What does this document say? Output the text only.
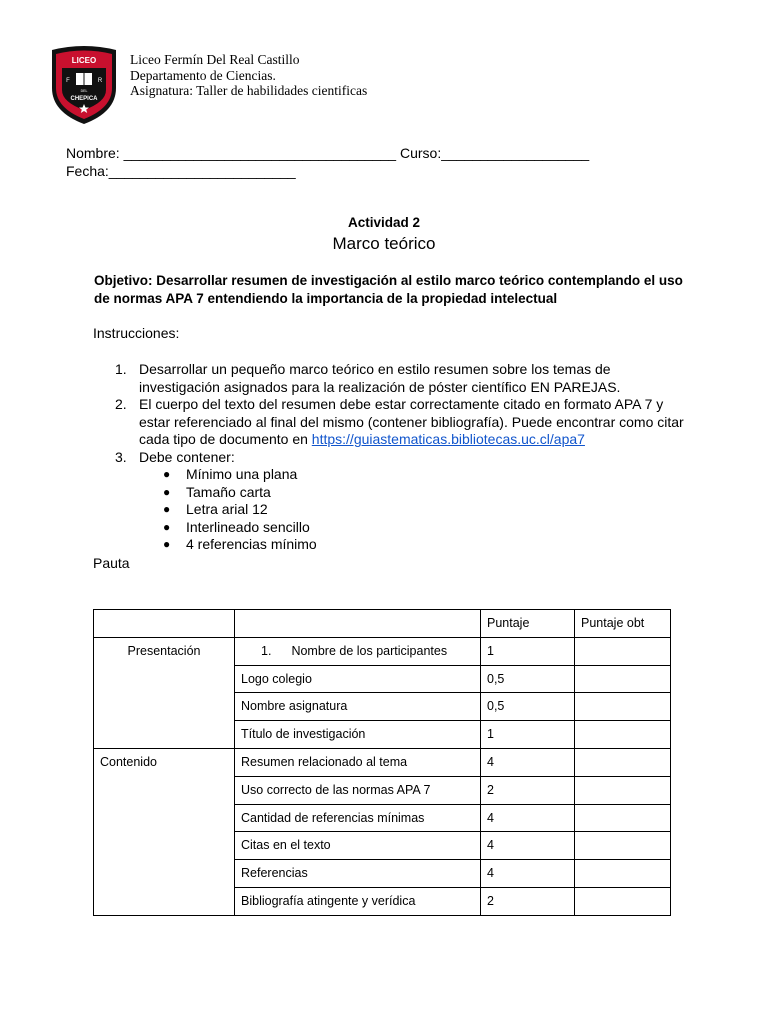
LICEO
F	R
DEL
CHEPICA
Liceo Fermín Del Real Castillo
Departamento de Ciencias.
Asignatura: Taller de habilidades cientificas
Nombre: ___________________________________ Curso:___________________
Fecha:________________________
Actividad 2
Marco teórico
Objetivo: Desarrollar resumen de investigación al estilo marco teórico contemplando el uso de normas APA 7 entendiendo la importancia de la propiedad intelectual
Instrucciones:
1. Desarrollar un pequeño marco teórico en estilo resumen sobre los temas de investigación asignados para la realización de póster científico EN PAREJAS.
2. El cuerpo del texto del resumen debe estar correctamente citado en formato APA 7 y estar referenciado al final del mismo (contener bibliografía). Puede encontrar como citar cada tipo de documento en https://guiastematicas.bibliotecas.uc.cl/apa7
3. Debe contener:
● Mínimo una plana
● Tamaño carta
● Letra arial 12
● Interlineado sencillo
● 4 referencias mínimo
Pauta
		Puntaje	Puntaje obt
Presentación	1. Nombre de los participantes	1	
	Logo colegio	0,5	
	Nombre asignatura	0,5	
	Título de investigación	1	
Contenido	Resumen relacionado al tema	4	
	Uso correcto de las normas APA 7	2	
	Cantidad de referencias mínimas	4	
	Citas en el texto	4	
	Referencias	4	
	Bibliografía atingente y verídica	2	
